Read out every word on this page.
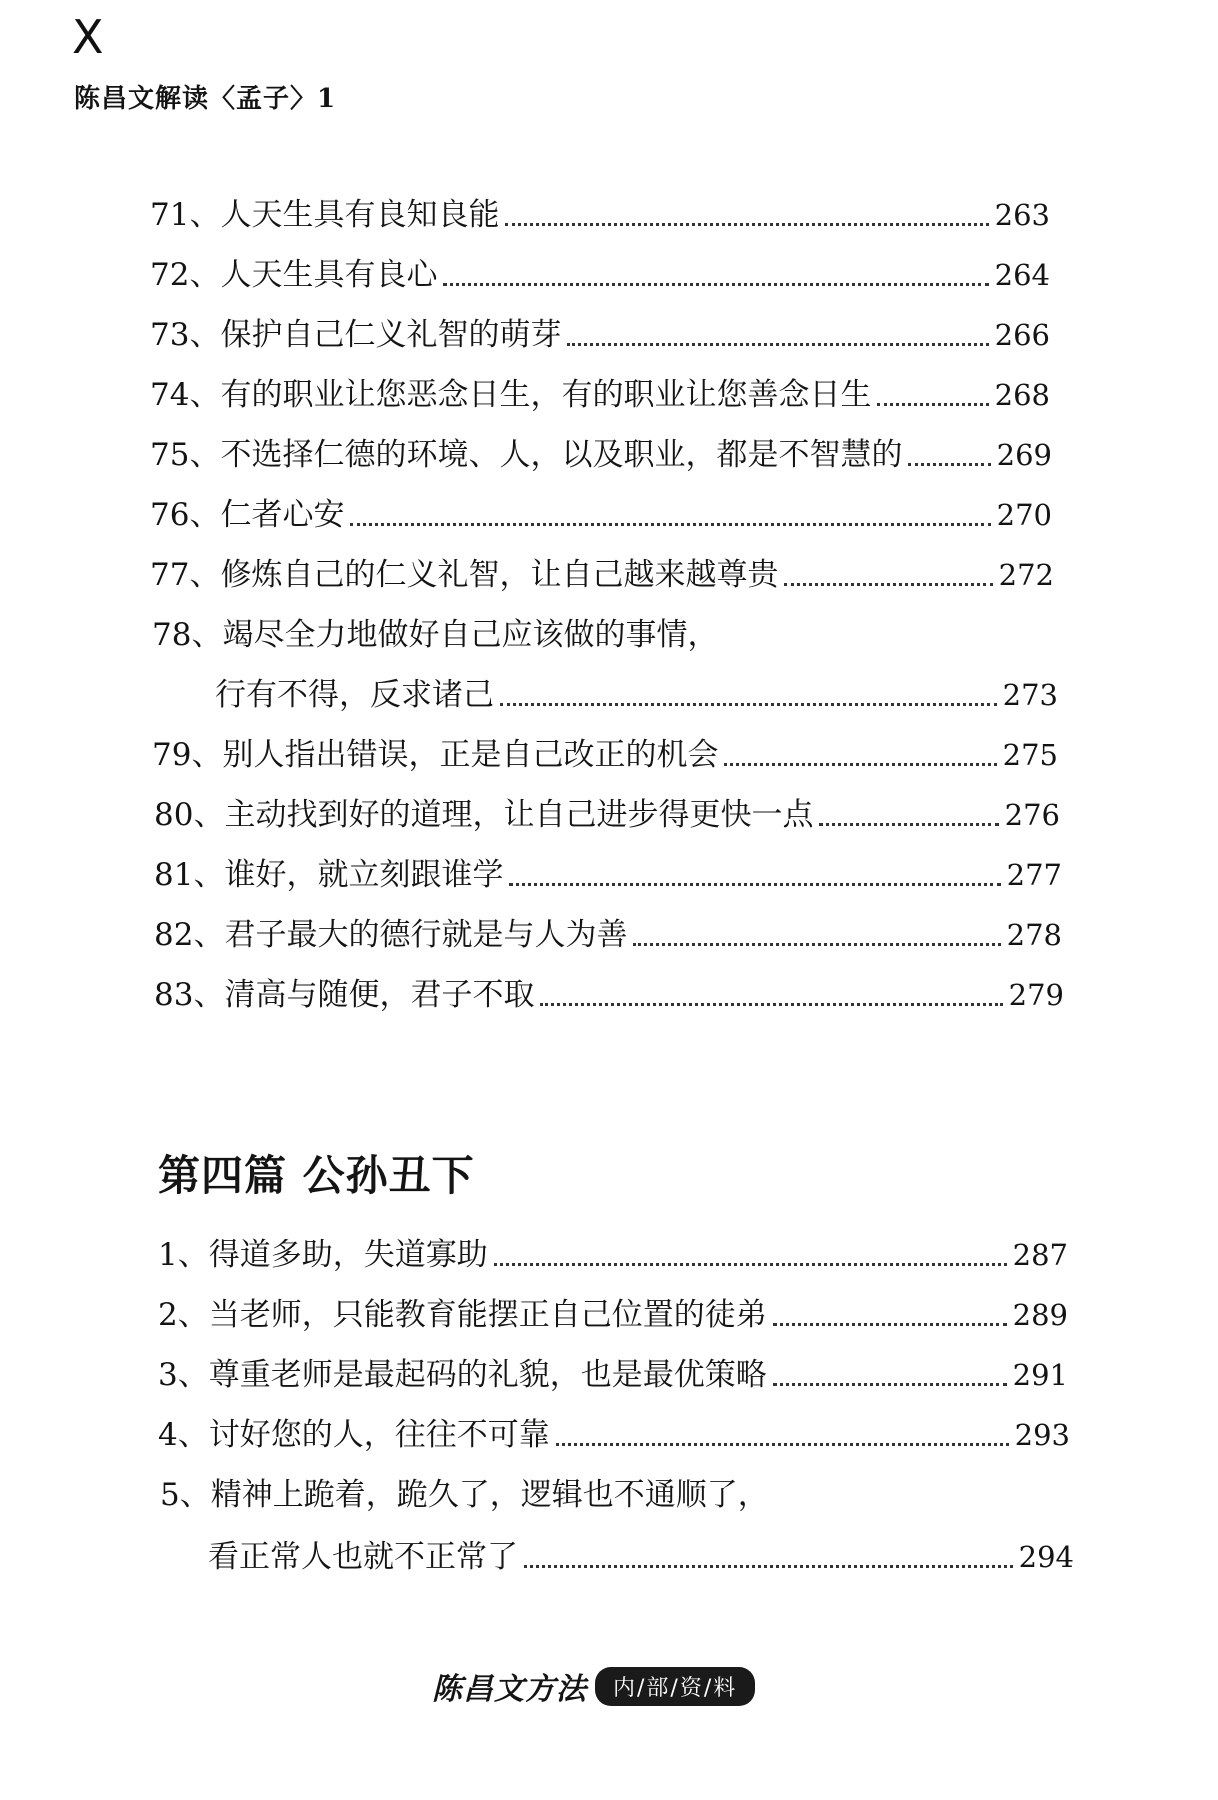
X
陈昌文解读〈孟子〉1
71、人天生具有良知良能	263
72、人天生具有良心	264
73、保护自己仁义礼智的萌芽	266
74、有的职业让您恶念日生，有的职业让您善念日生	268
75、不选择仁德的环境、人，以及职业，都是不智慧的	269
76、仁者心安	270
77、修炼自己的仁义礼智，让自己越来越尊贵	272
78、竭尽全力地做好自己应该做的事情，
行有不得，反求诸己	273
79、别人指出错误，正是自己改正的机会	275
80、主动找到好的道理，让自己进步得更快一点	276
81、谁好，就立刻跟谁学	277
82、君子最大的德行就是与人为善	278
83、清高与随便，君子不取	279
第四篇 公孙丑下
1、得道多助，失道寡助	287
2、当老师，只能教育能摆正自己位置的徒弟	289
3、尊重老师是最起码的礼貌，也是最优策略	291
4、讨好您的人，往往不可靠	293
5、精神上跪着，跪久了，逻辑也不通顺了，
看正常人也就不正常了	294
陈昌文方法	内/部/资/料
